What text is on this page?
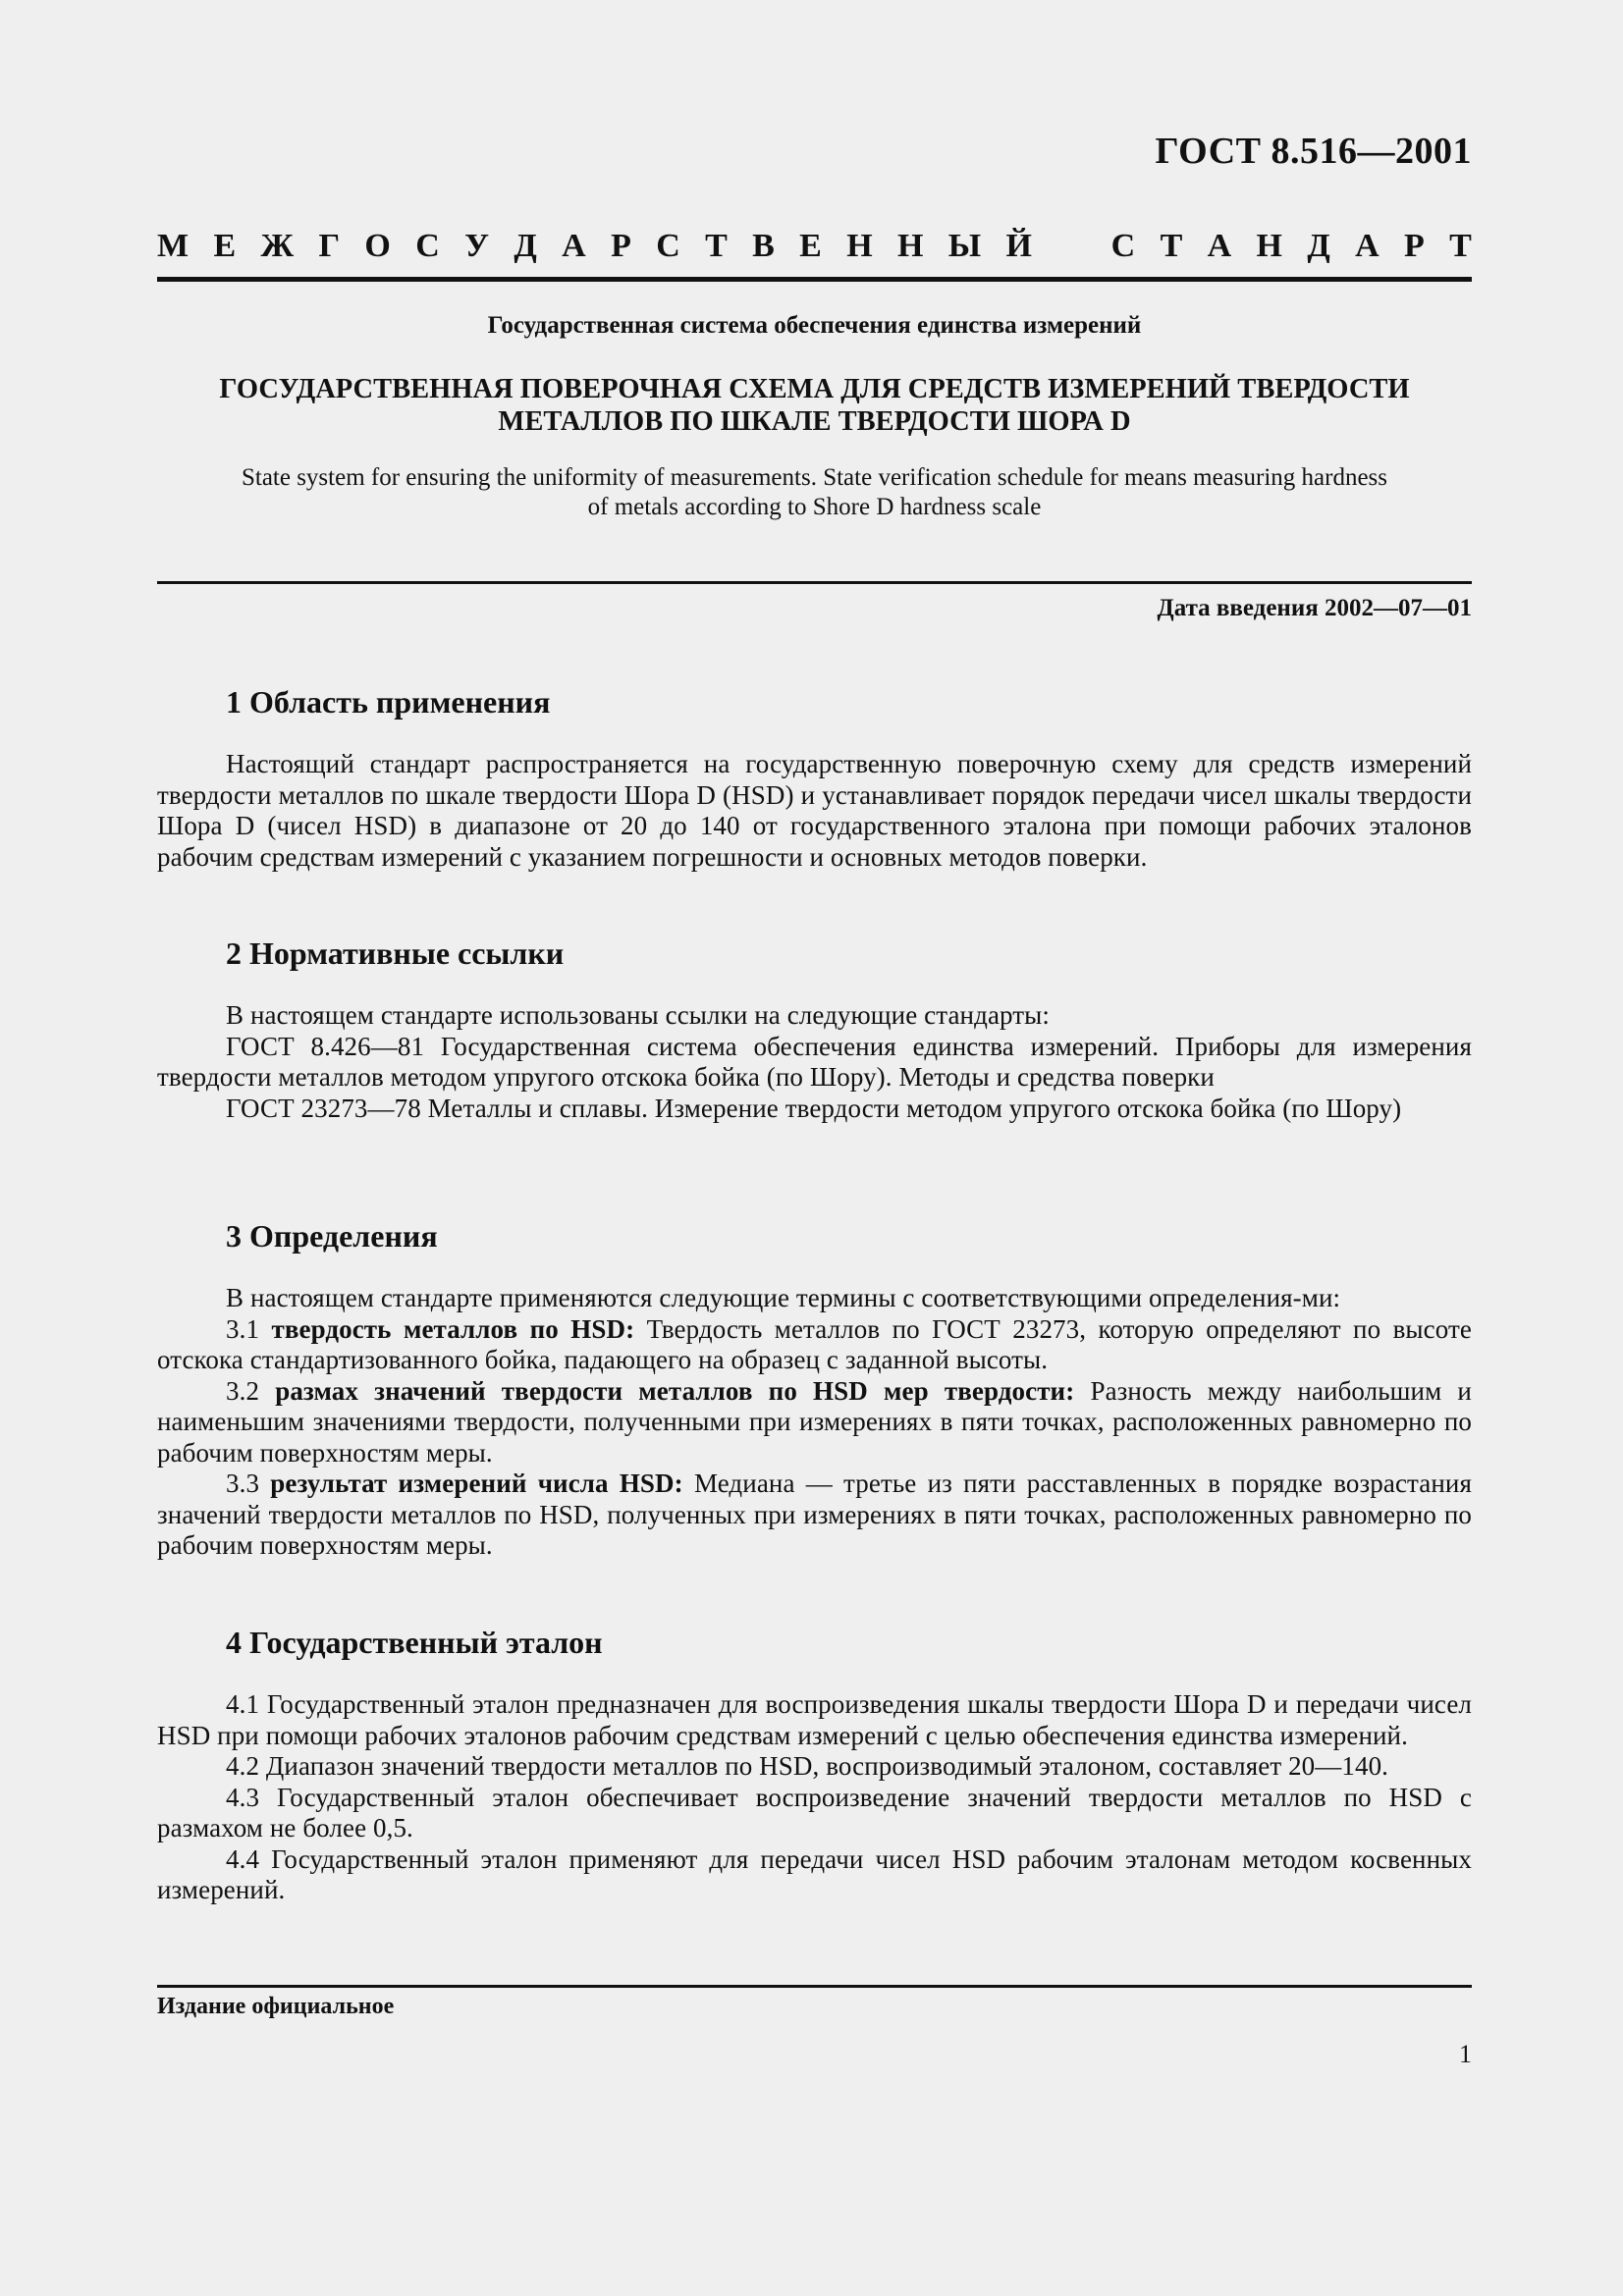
ГОСТ 8.516—2001
М Е Ж Г О С У Д А Р С Т В Е Н Н Ы Й С Т А Н Д А Р Т
Государственная система обеспечения единства измерений
ГОСУДАРСТВЕННАЯ ПОВЕРОЧНАЯ СХЕМА ДЛЯ СРЕДСТВ ИЗМЕРЕНИЙ ТВЕРДОСТИ
МЕТАЛЛОВ ПО ШКАЛЕ ТВЕРДОСТИ ШОРА D
State system for ensuring the uniformity of measurements. State verification schedule for means measuring hardness
of metals according to Shore D hardness scale
Дата введения 2002—07—01
1 Область применения

Настоящий стандарт распространяется на государственную поверочную схему для средств измерений твердости металлов по шкале твердости Шора D (HSD) и устанавливает порядок передачи чисел шкалы твердости Шора D (чисел HSD) в диапазоне от 20 до 140 от государственного эталона при помощи рабочих эталонов рабочим средствам измерений с указанием погрешности и основных методов поверки.

2 Нормативные ссылки

В настоящем стандарте использованы ссылки на следующие стандарты:

ГОСТ 8.426—81 Государственная система обеспечения единства измерений. Приборы для измерения твердости металлов методом упругого отскока бойка (по Шору). Методы и средства поверки

ГОСТ 23273—78 Металлы и сплавы. Измерение твердости методом упругого отскока бойка (по Шору)

3 Определения

В настоящем стандарте применяются следующие термины с соответствующими определения-ми:

3.1 твердость металлов по HSD: Твердость металлов по ГОСТ 23273, которую определяют по высоте отскока стандартизованного бойка, падающего на образец с заданной высоты.

3.2 размах значений твердости металлов по HSD мер твердости: Разность между наибольшим и наименьшим значениями твердости, полученными при измерениях в пяти точках, расположенных равномерно по рабочим поверхностям меры.

3.3 результат измерений числа HSD: Медиана — третье из пяти расставленных в порядке возрастания значений твердости металлов по HSD, полученных при измерениях в пяти точках, расположенных равномерно по рабочим поверхностям меры.

4 Государственный эталон

4.1 Государственный эталон предназначен для воспроизведения шкалы твердости Шора D и передачи чисел HSD при помощи рабочих эталонов рабочим средствам измерений с целью обеспечения единства измерений.

4.2 Диапазон значений твердости металлов по HSD, воспроизводимый эталоном, составляет 20—140.

4.3 Государственный эталон обеспечивает воспроизведение значений твердости металлов по HSD с размахом не более 0,5.

4.4 Государственный эталон применяют для передачи чисел HSD рабочим эталонам методом косвенных измерений.

Издание официальное
1
